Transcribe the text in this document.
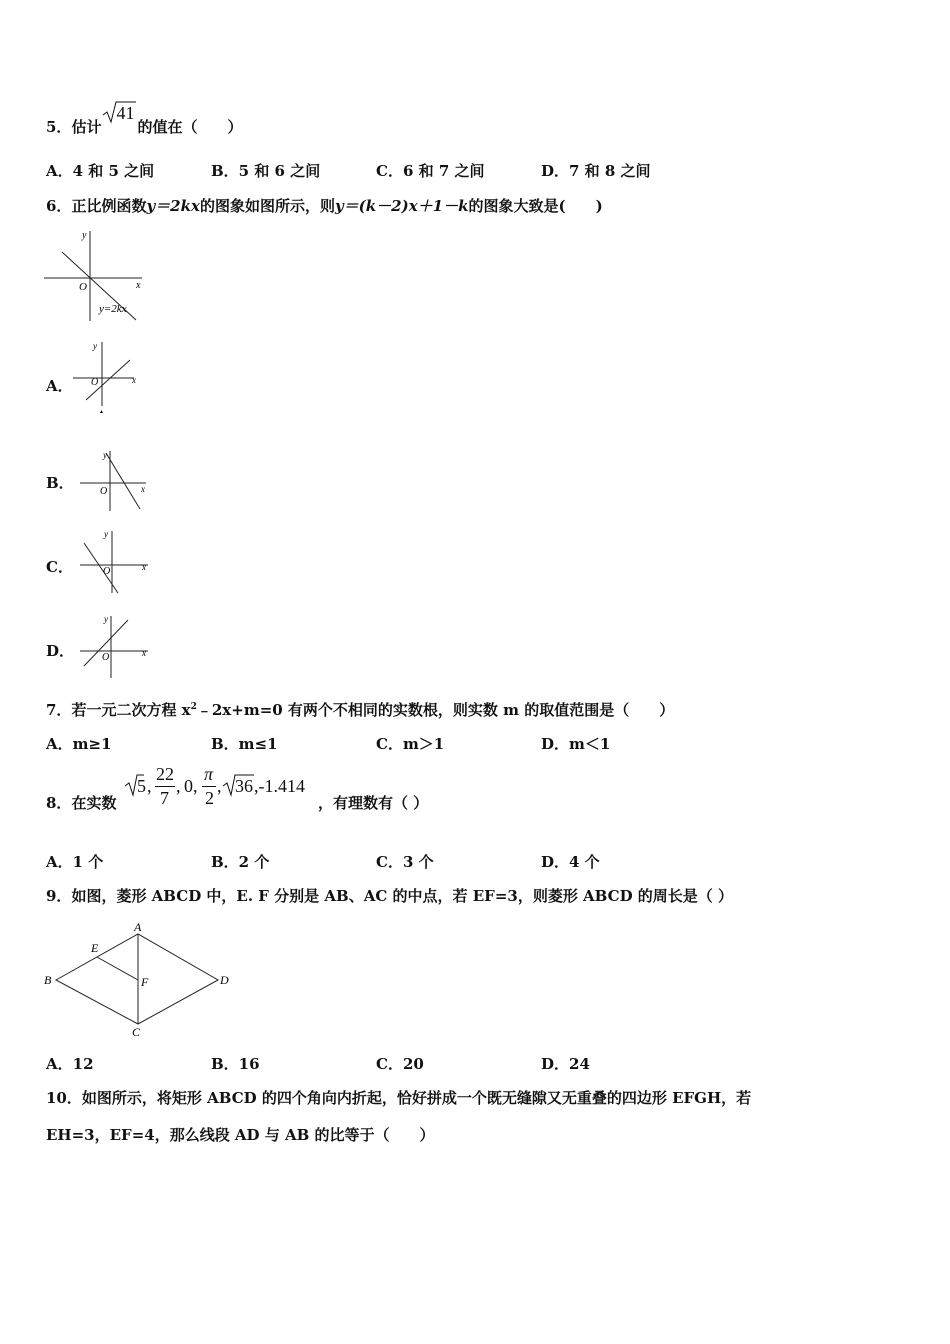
5．估计
41
的值在（　　）
A．4 和 5 之间	B．5 和 6 之间	C．6 和 7 之间	D．7 和 8 之间
6．正比例函数y＝2kx的图象如图所示，则y＝(k－2)x＋1－k的图象大致是(　　)
y
x
O
y=2kx
A．
y
x
O
▲
B．
y
x
O
C．
y
x
O
D．
y
x
O
7．若一元二次方程 $x^2﹣2x+m=0$ 有两个不相同的实数根，则实数 m 的取值范围是（　　）
A．m≥1	B．m≤1	C．m＞1	D．m＜1
8．在实数
5 ,
22
7
, 0,
π
2
, 36 ,-1.414
，有理数有（ ）
A．1 个	B．2 个	C．3 个	D．4 个
9．如图，菱形 ABCD 中，E. F 分别是 AB、AC 的中点，若 EF=3，则菱形 ABCD 的周长是（ ）
A
B
C
D
E
F
A．12	B．16	C．20	D．24
10．如图所示，将矩形 ABCD 的四个角向内折起，恰好拼成一个既无缝隙又无重叠的四边形 EFGH，若
EH=3，EF=4，那么线段 AD 与 AB 的比等于（　　）
